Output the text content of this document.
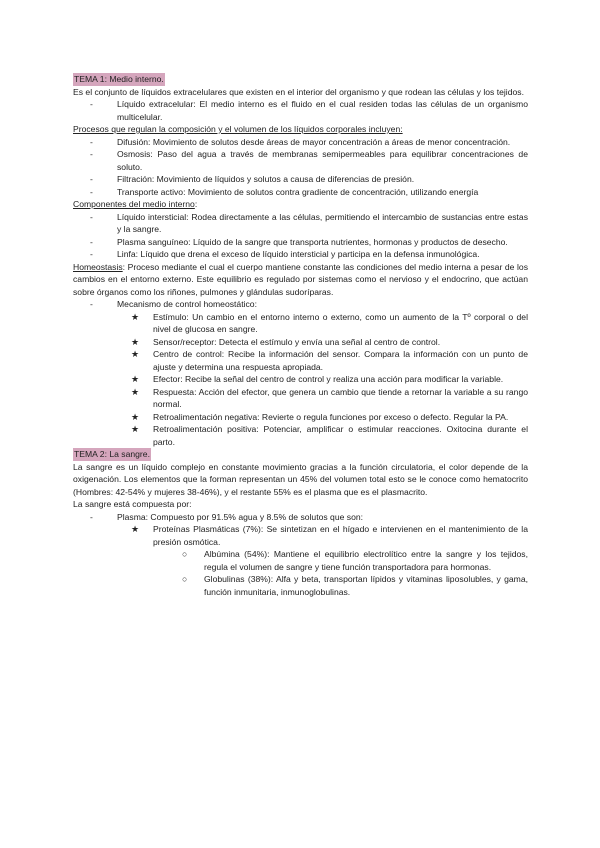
TEMA 1: Medio interno.

Es el conjunto de líquidos extracelulares que existen en el interior del organismo y que rodean las células y los tejidos.

-	Líquido extracelular: El medio interno es el fluido en el cual residen todas las células de un organismo multicelular.

Procesos que regulan la composición y el volumen de los líquidos corporales incluyen:

-	Difusión: Movimiento de solutos desde áreas de mayor concentración a áreas de menor concentración.
-	Osmosis: Paso del agua a través de membranas semipermeables para equilibrar concentraciones de soluto.
-	Filtración: Movimiento de líquidos y solutos a causa de diferencias de presión.
-	Transporte activo: Movimiento de solutos contra gradiente de concentración, utilizando energía

Componentes del medio interno:

-	Líquido intersticial: Rodea directamente a las células, permitiendo el intercambio de sustancias entre estas y la sangre.
-	Plasma sanguíneo: Líquido de la sangre que transporta nutrientes, hormonas y productos de desecho.
-	Linfa: Líquido que drena el exceso de líquido intersticial y participa en la defensa inmunológica.

Homeostasis: Proceso mediante el cual el cuerpo mantiene constante las condiciones del medio interna a pesar de los cambios en el entorno externo. Este equilibrio es regulado por sistemas como el nervioso y el endocrino, que actúan sobre órganos como los riñones, pulmones y glándulas sudoríparas.

-	Mecanismo de control homeostático:
★	Estímulo: Un cambio en el entorno interno o externo, como un aumento de la Tº corporal o del nivel de glucosa en sangre.
★	Sensor/receptor: Detecta el estímulo y envía una señal al centro de control.
★	Centro de control: Recibe la información del sensor. Compara la información con un punto de ajuste y determina una respuesta apropiada.
★	Efector: Recibe la señal del centro de control y realiza una acción para modificar la variable.
★	Respuesta: Acción del efector, que genera un cambio que tiende a retornar la variable a su rango normal.
★	Retroalimentación negativa: Revierte o regula funciones por exceso o defecto. Regular la PA.
★	Retroalimentación positiva: Potenciar, amplificar o estimular reacciones. Oxitocina durante el parto.
TEMA 2: La sangre.

La sangre es un líquido complejo en constante movimiento gracias a la función circulatoria, el color depende de la oxigenación. Los elementos que la forman representan un 45% del volumen total esto se le conoce como hematocrito (Hombres: 42-54% y mujeres 38-46%), y el restante 55% es el plasma que es el plasmacrito.

La sangre está compuesta por:

-	Plasma: Compuesto por 91.5% agua y 8.5% de solutos que son:
★	Proteínas Plasmáticas (7%): Se sintetizan en el hígado e intervienen en el mantenimiento de la presión osmótica.
○	Albúmina (54%): Mantiene el equilibrio electrolítico entre la sangre y los tejidos, regula el volumen de sangre y tiene función transportadora para hormonas.
○	Globulinas (38%): Alfa y beta, transportan lípidos y vitaminas liposolubles, y gama, función inmunitaria, inmunoglobulinas.
